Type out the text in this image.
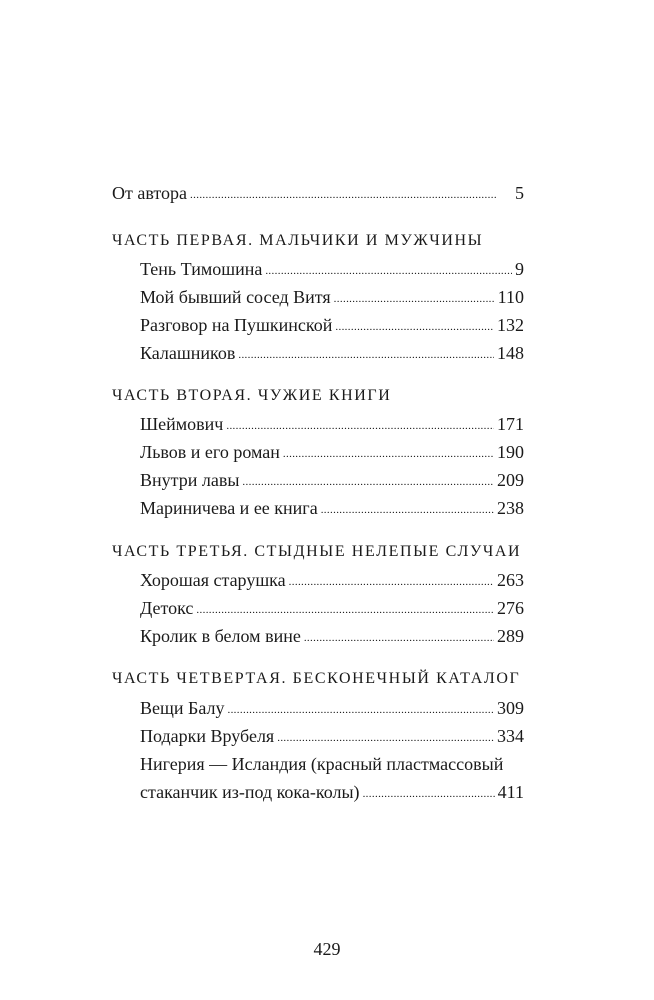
От автора . . .	5
ЧАСТЬ ПЕРВАЯ. МАЛЬЧИКИ И МУЖЧИНЫ
Тень Тимошина . . .	9
Мой бывший сосед Витя . . .	110
Разговор на Пушкинской . . .	132
Калашников . . .	148
ЧАСТЬ ВТОРАЯ. ЧУЖИЕ КНИГИ
Шеймович . . .	171
Львов и его роман . . .	190
Внутри лавы . . .	209
Мариничева и ее книга . . .	238
ЧАСТЬ ТРЕТЬЯ. СТЫДНЫЕ НЕЛЕПЫЕ СЛУЧАИ
Хорошая старушка . . .	263
Детокс . . .	276
Кролик в белом вине . . .	289
ЧАСТЬ ЧЕТВЕРТАЯ. БЕСКОНЕЧНЫЙ КАТАЛОГ
Вещи Балу . . .	309
Подарки Врубеля . . .	334
Нигерия — Исландия (красный пластмассовый
стаканчик из-под кока-колы) . . .	411
429
